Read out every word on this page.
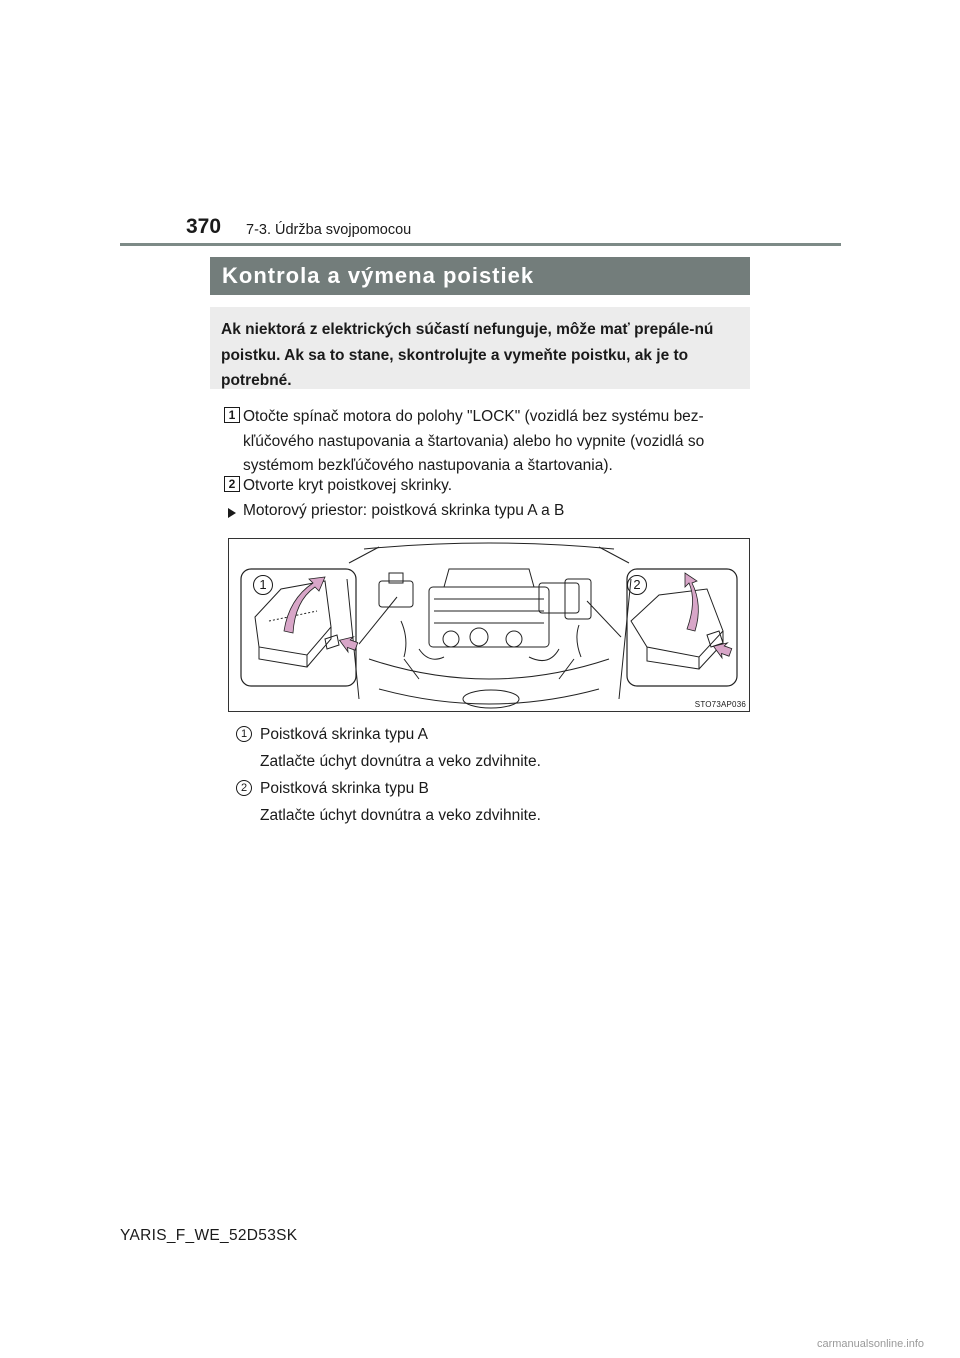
370 7-3. Údržba svojpomocou
Kontrola a výmena poistiek
Ak niektorá z elektrických súčastí nefunguje, môže mať prepále-nú poistku. Ak sa to stane, skontrolujte a vymeňte poistku, ak je to potrebné.
1 Otočte spínač motora do polohy "LOCK" (vozidlá bez systému bez-
kľúčového nastupovania a štartovania) alebo ho vypnite (vozidlá so
systémom bezkľúčového nastupovania a štartovania).
2 Otvorte kryt poistkovej skrinky.
Motorový priestor: poistková skrinka typu A a B
1	2
STO73AP036
1 Poistková skrinka typu A
Zatlačte úchyt dovnútra a veko zdvihnite.
2 Poistková skrinka typu B
Zatlačte úchyt dovnútra a veko zdvihnite.
YARIS_F_WE_52D53SK
carmanualsonline.info
